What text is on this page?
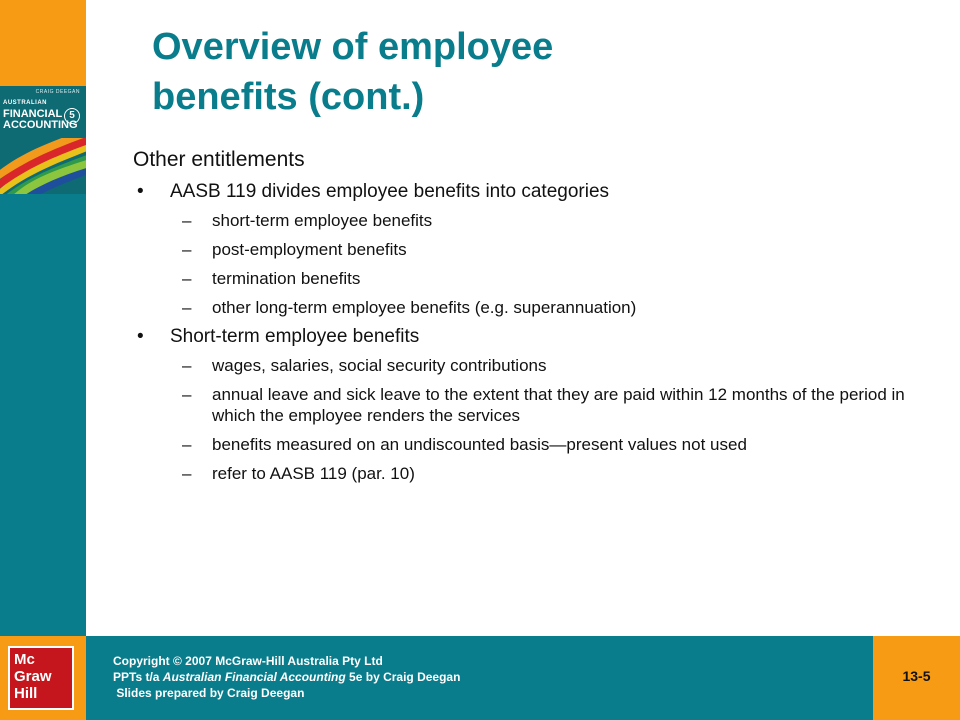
CRAIG DEEGAN
AUSTRALIAN
FINANCIAL
ACCOUNTING
5
Overview of employee
benefits (cont.)
Other entitlements
• AASB 119 divides employee benefits into categories
– short-term employee benefits
– post-employment benefits
– termination benefits
– other long-term employee benefits (e.g. superannuation)
• Short-term employee benefits
– wages, salaries, social security contributions
– annual leave and sick leave to the extent that they are paid within 12 months of the period in which the employee renders the services
– benefits measured on an undiscounted basis—present values not used
– refer to AASB 119 (par. 10)
13-5
Mc
Graw
Hill
Copyright © 2007 McGraw-Hill Australia Pty Ltd
PPTs t/a Australian Financial Accounting 5e by Craig Deegan
Slides prepared by Craig Deegan
